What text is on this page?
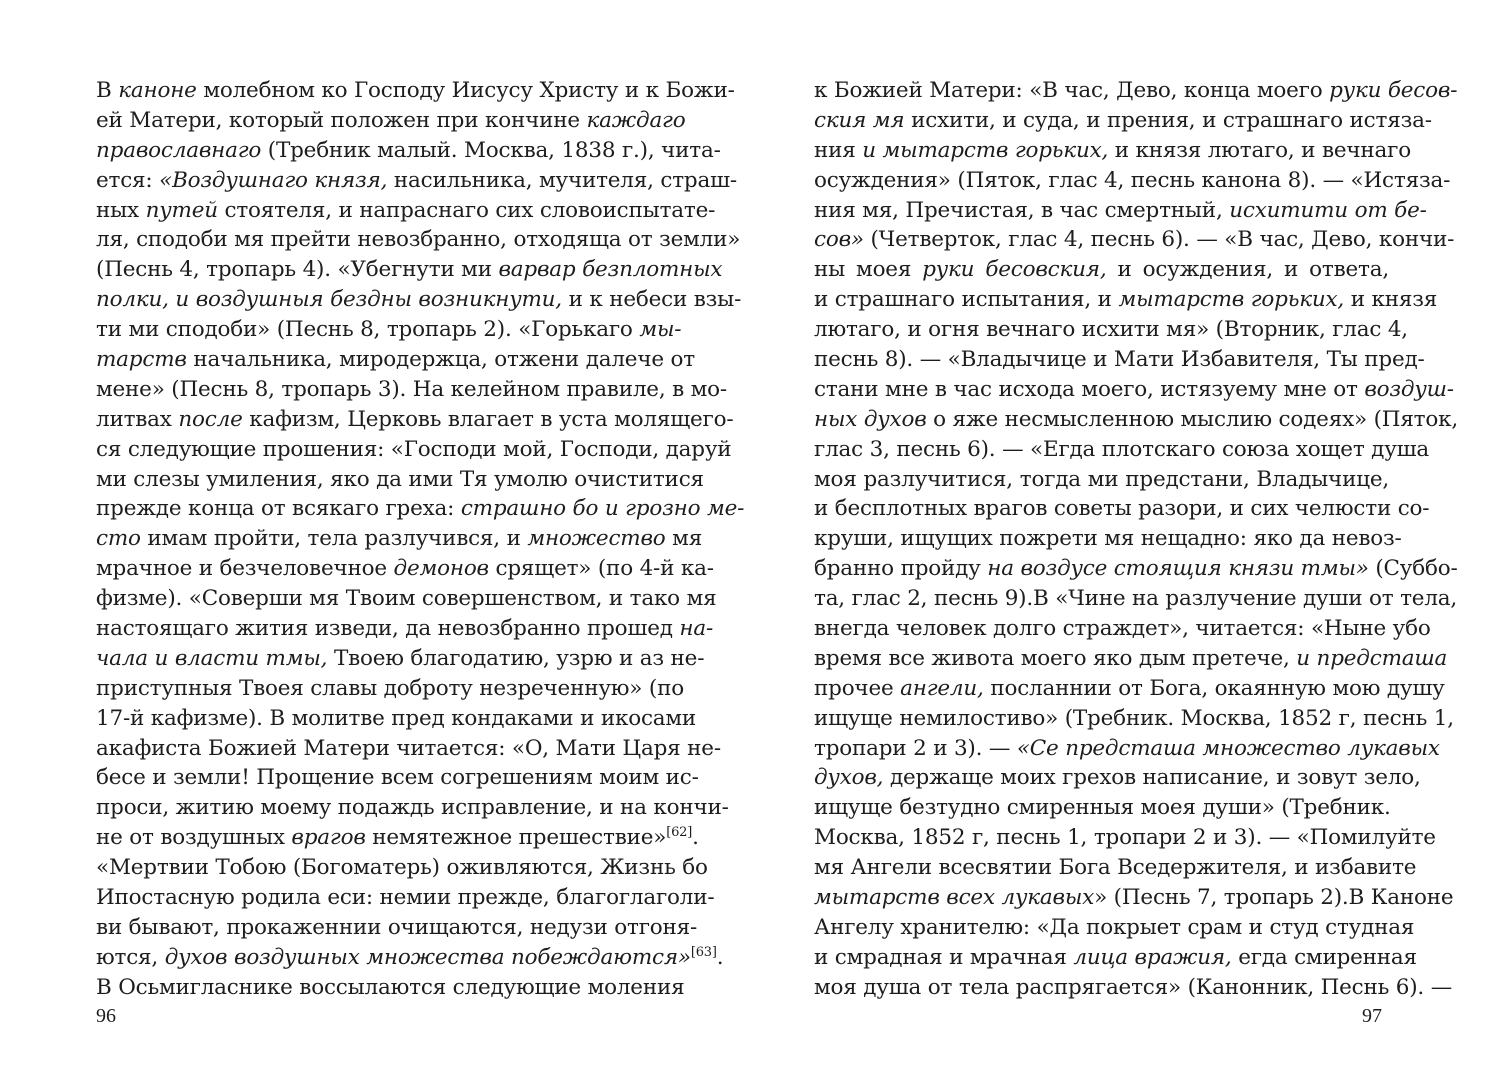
В каноне молебном ко Господу Иисусу Христу и к Божи-
ей Матери, который положен при кончине каждаго
православнаго (Требник малый. Москва, 1838 г.), чита-
ется: «Воздушнаго князя, насильника, мучителя, страш-
ных путей стоятеля, и напраснаго сих словоиспытате-
ля, сподоби мя прейти невозбранно, отходяща от земли»
(Песнь 4, тропарь 4). «Убегнути ми варвар безплотных
полки, и воздушныя бездны возникнути, и к небеси взы-
ти ми сподоби» (Песнь 8, тропарь 2). «Горькаго мы-
тарств начальника, миродержца, отжени далече от
мене» (Песнь 8, тропарь 3). На келейном правиле, в мо-
литвах после кафизм, Церковь влагает в уста молящего-
ся следующие прошения: «Господи мой, Господи, даруй
ми слезы умиления, яко да ими Тя умолю очиститися
прежде конца от всякаго греха: страшно бо и грозно ме-
сто имам пройти, тела разлучився, и множество мя
мрачное и безчеловечное демонов срящет» (по 4-й ка-
физме). «Соверши мя Твоим совершенством, и тако мя
настоящаго жития изведи, да невозбранно прошед на-
чала и власти тмы, Твоею благодатию, узрю и аз не-
приступныя Твоея славы доброту незреченную» (по
17-й кафизме). В молитве пред кондаками и икосами
акафиста Божией Матери читается: «О, Мати Царя не-
бесе и земли! Прощение всем согрешениям моим ис-
проси, житию моему подаждь исправление, и на кончи-
не от воздушных врагов немятежное прешествие»[62].
«Мертвии Тобою (Богоматерь) оживляются, Жизнь бо
Ипостасную родила еси: немии прежде, благоглаголи-
ви бывают, прокаженнии очищаются, недузи отгоня-
ются, духов воздушных множества побеждаются»[63].
В Осьмигласнике воссылаются следующие моления
к Божией Матери: «В час, Дево, конца моего руки бесов-
ския мя исхити, и суда, и прения, и страшнаго истяза-
ния и мытарств горьких, и князя лютаго, и вечнаго
осуждения» (Пяток, глас 4, песнь канона 8). — «Истяза-
ния мя, Пречистая, в час смертный, исхитити от бе-
сов» (Четверток, глас 4, песнь 6). — «В час, Дево, кончи-
ны моея руки бесовския, и осуждения, и ответа,
и страшнаго испытания, и мытарств горьких, и князя
лютаго, и огня вечнаго исхити мя» (Вторник, глас 4,
песнь 8). — «Владычице и Мати Избавителя, Ты пред-
стани мне в час исхода моего, истязуему мне от воздуш-
ных духов о яже несмысленною мыслию содеях» (Пяток,
глас 3, песнь 6). — «Егда плотскаго союза хощет душа
моя разлучитися, тогда ми предстани, Владычице,
и бесплотных врагов советы разори, и сих челюсти со-
круши, ищущих пожрети мя нещадно: яко да невоз-
бранно пройду на воздусе стоящия князи тмы» (Суббо-
та, глас 2, песнь 9).В «Чине на разлучение души от тела,
внегда человек долго страждет», читается: «Ныне убо
время все живота моего яко дым претече, и предсташа
прочее ангели, посланнии от Бога, окаянную мою душу
ищуще немилостиво» (Требник. Москва, 1852 г, песнь 1,
тропари 2 и 3). — «Се предсташа множество лукавых
духов, держаще моих грехов написание, и зовут зело,
ищуще безтудно смиренныя моея души» (Требник.
Москва, 1852 г, песнь 1, тропари 2 и 3). — «Помилуйте
мя Ангели всесвятии Бога Вседержителя, и избавите
мытарств всех лукавых» (Песнь 7, тропарь 2).В Каноне
Ангелу хранителю: «Да покрыет срам и студ студная
и смрадная и мрачная лица вражия, егда смиренная
моя душа от тела распрягается» (Канонник, Песнь 6). —
96	97
